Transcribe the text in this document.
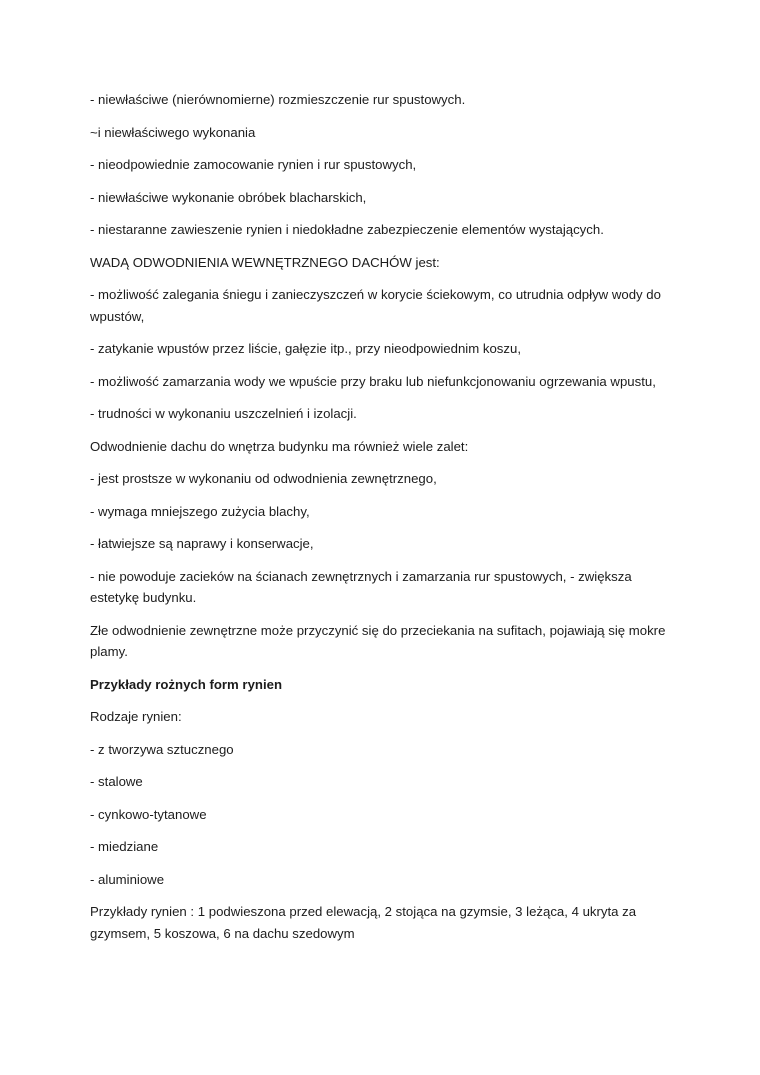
- niewłaściwe (nierównomierne) rozmieszczenie rur spustowych.

~i niewłaściwego wykonania

- nieodpowiednie zamocowanie rynien i rur spustowych,

- niewłaściwe wykonanie obróbek blacharskich,

- niestaranne zawieszenie rynien i niedokładne zabezpieczenie elementów wystających.

WADĄ ODWODNIENIA WEWNĘTRZNEGO DACHÓW jest:

- możliwość zalegania śniegu i zanieczyszczeń w korycie ściekowym, co utrudnia odpływ wody do wpustów,

- zatykanie wpustów przez liście, gałęzie itp., przy nieodpowiednim koszu,

- możliwość zamarzania wody we wpuście przy braku lub niefunkcjonowaniu ogrzewania wpustu,

- trudności w wykonaniu uszczelnień i izolacji.

Odwodnienie dachu do wnętrza budynku ma również wiele zalet:

- jest prostsze w wykonaniu od odwodnienia zewnętrznego,

- wymaga mniejszego zużycia blachy,

- łatwiejsze są naprawy i konserwacje,

- nie powoduje zacieków na ścianach zewnętrznych i zamarzania rur spustowych, - zwiększa estetykę budynku.

Złe odwodnienie zewnętrzne może przyczynić się do przeciekania na sufitach, pojawiają się mokre plamy.

Przykłady rożnych form rynien

Rodzaje rynien:

- z tworzywa sztucznego

- stalowe

- cynkowo-tytanowe

- miedziane

- aluminiowe

Przykłady rynien : 1 podwieszona przed elewacją, 2 stojąca na gzymsie, 3 leżąca, 4 ukryta za gzymsem, 5 koszowa, 6 na dachu szedowym
